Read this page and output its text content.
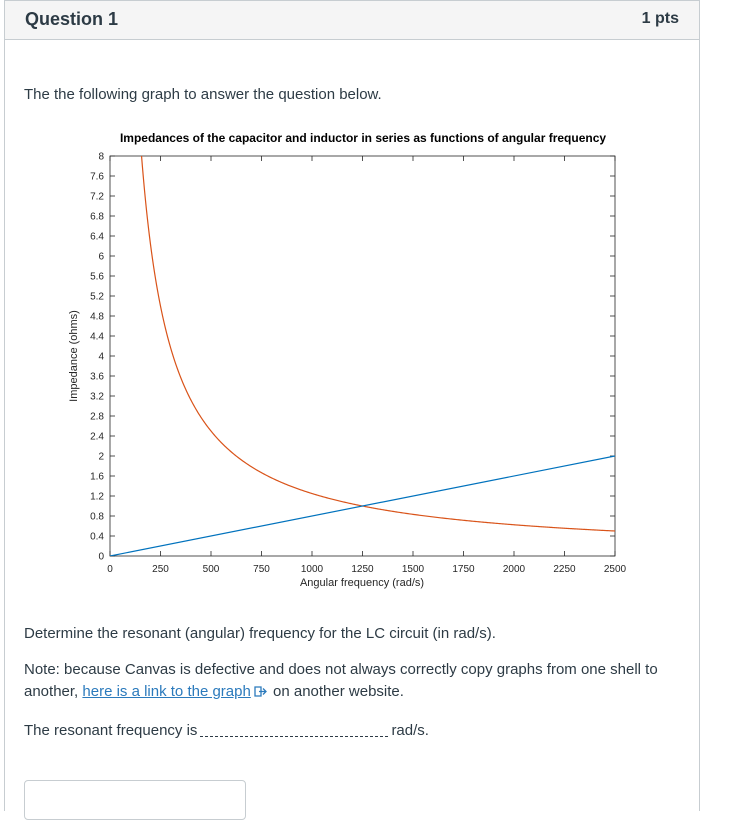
Question 1	1 pts
The the following graph to answer the question below.
Impedances of the capacitor and inductor in series as functions of angular frequency
0	250	500	750	1000	1250	1500	1750	2000	2250	2500
0
0.4
0.8
1.2
1.6
2
2.4
2.8
3.2
3.6
4
4.4
4.8
5.2
5.6
6
6.4
6.8
7.2
7.6
8
Angular frequency (rad/s)
Impedance (ohms)
Determine the resonant (angular) frequency for the LC circuit (in rad/s).
Note: because Canvas is defective and does not always correctly copy graphs from one shell to another, here is a link to the graph on another website.
The resonant frequency is	rad/s.
